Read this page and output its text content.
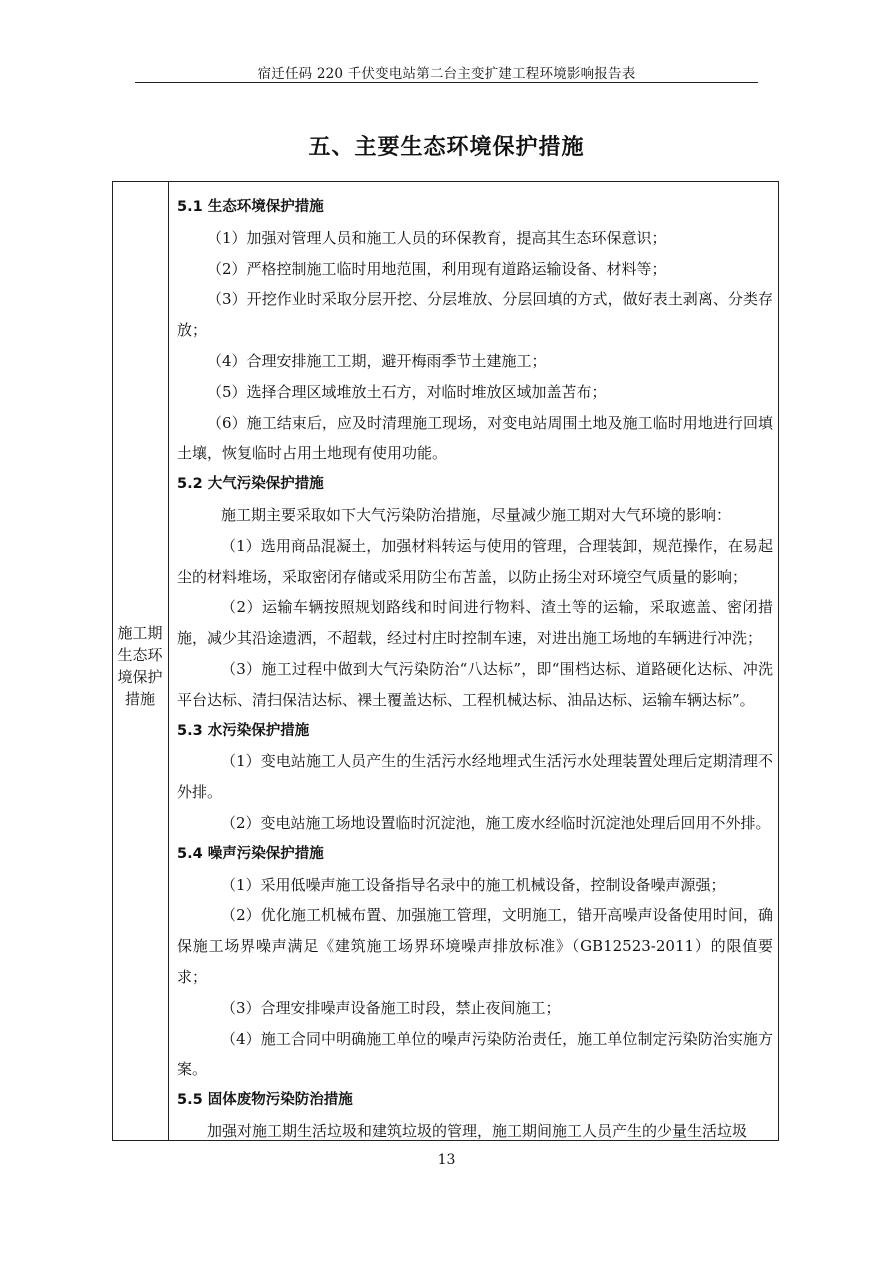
宿迁任码 220 千伏变电站第二台主变扩建工程环境影响报告表
五、主要生态环境保护措施
施工期生态环境保护措施

5.1 生态环境保护措施

（1）加强对管理人员和施工人员的环保教育，提高其生态环保意识；

（2）严格控制施工临时用地范围，利用现有道路运输设备、材料等；

（3）开挖作业时采取分层开挖、分层堆放、分层回填的方式，做好表土剥离、分类存放；

（4）合理安排施工工期，避开梅雨季节土建施工；

（5）选择合理区域堆放土石方，对临时堆放区域加盖苫布；

（6）施工结束后，应及时清理施工现场，对变电站周围土地及施工临时用地进行回填土壤，恢复临时占用土地现有使用功能。

5.2 大气污染保护措施

施工期主要采取如下大气污染防治措施，尽量减少施工期对大气环境的影响：

（1）选用商品混凝土，加强材料转运与使用的管理，合理装卸，规范操作，在易起尘的材料堆场，采取密闭存储或采用防尘布苫盖，以防止扬尘对环境空气质量的影响；

（2）运输车辆按照规划路线和时间进行物料、渣土等的运输，采取遮盖、密闭措施，减少其沿途遗洒，不超载，经过村庄时控制车速，对进出施工场地的车辆进行冲洗；

（3）施工过程中做到大气污染防治“八达标”，即“围档达标、道路硬化达标、冲洗平台达标、清扫保洁达标、裸土覆盖达标、工程机械达标、油品达标、运输车辆达标”。

5.3 水污染保护措施

（1）变电站施工人员产生的生活污水经地埋式生活污水处理装置处理后定期清理不外排。

（2）变电站施工场地设置临时沉淀池，施工废水经临时沉淀池处理后回用不外排。

5.4 噪声污染保护措施

（1）采用低噪声施工设备指导名录中的施工机械设备，控制设备噪声源强；

（2）优化施工机械布置、加强施工管理，文明施工，错开高噪声设备使用时间，确保施工场界噪声满足《建筑施工场界环境噪声排放标准》（GB12523-2011）的限值要求；

（3）合理安排噪声设备施工时段，禁止夜间施工；

（4）施工合同中明确施工单位的噪声污染防治责任，施工单位制定污染防治实施方案。

5.5 固体废物污染防治措施

加强对施工期生活垃圾和建筑垃圾的管理，施工期间施工人员产生的少量生活垃圾

13
